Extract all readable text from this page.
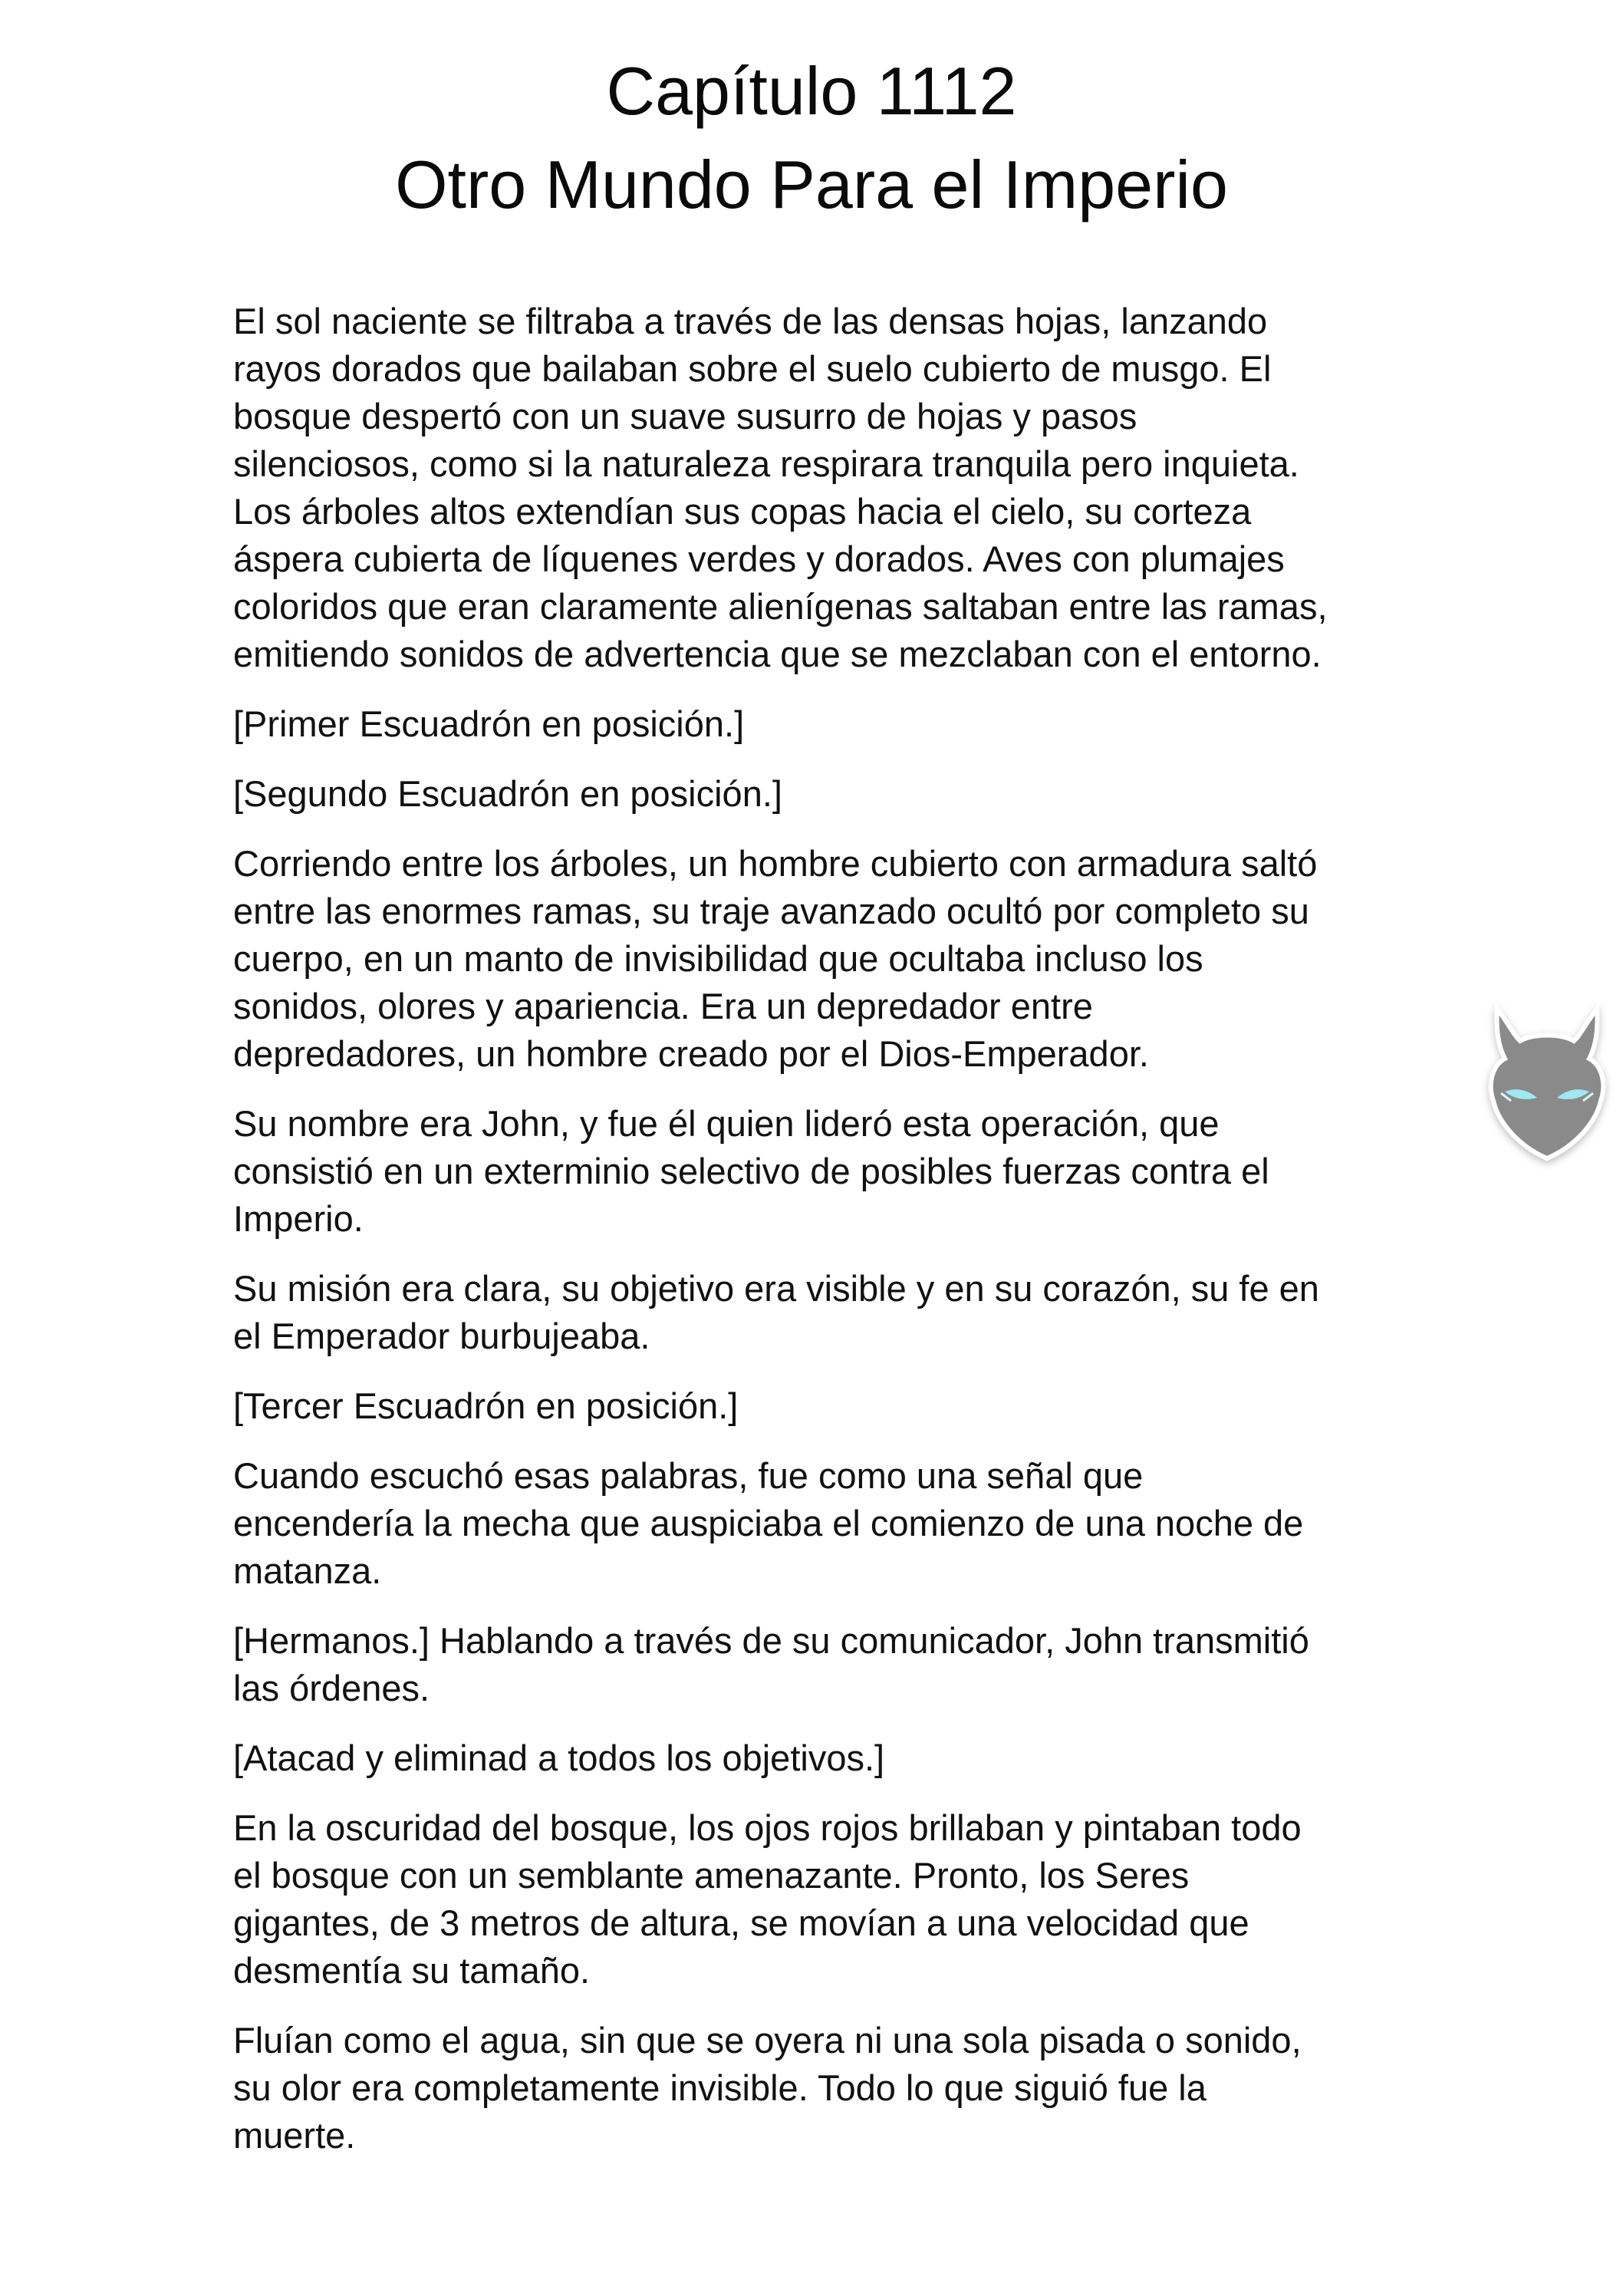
Capítulo 1112
Otro Mundo Para el Imperio

El sol naciente se filtraba a través de las densas hojas, lanzando
rayos dorados que bailaban sobre el suelo cubierto de musgo. El
bosque despertó con un suave susurro de hojas y pasos
silenciosos, como si la naturaleza respirara tranquila pero inquieta.
Los árboles altos extendían sus copas hacia el cielo, su corteza
áspera cubierta de líquenes verdes y dorados. Aves con plumajes
coloridos que eran claramente alienígenas saltaban entre las ramas,
emitiendo sonidos de advertencia que se mezclaban con el entorno.

[Primer Escuadrón en posición.]

[Segundo Escuadrón en posición.]

Corriendo entre los árboles, un hombre cubierto con armadura saltó
entre las enormes ramas, su traje avanzado ocultó por completo su
cuerpo, en un manto de invisibilidad que ocultaba incluso los
sonidos, olores y apariencia. Era un depredador entre
depredadores, un hombre creado por el Dios-Emperador.

Su nombre era John, y fue él quien lideró esta operación, que
consistió en un exterminio selectivo de posibles fuerzas contra el
Imperio.

Su misión era clara, su objetivo era visible y en su corazón, su fe en
el Emperador burbujeaba.

[Tercer Escuadrón en posición.]

Cuando escuchó esas palabras, fue como una señal que
encendería la mecha que auspiciaba el comienzo de una noche de
matanza.

[Hermanos.] Hablando a través de su comunicador, John transmitió
las órdenes.

[Atacad y eliminad a todos los objetivos.]

En la oscuridad del bosque, los ojos rojos brillaban y pintaban todo
el bosque con un semblante amenazante. Pronto, los Seres
gigantes, de 3 metros de altura, se movían a una velocidad que
desmentía su tamaño.

Fluían como el agua, sin que se oyera ni una sola pisada o sonido,
su olor era completamente invisible. Todo lo que siguió fue la
muerte.
